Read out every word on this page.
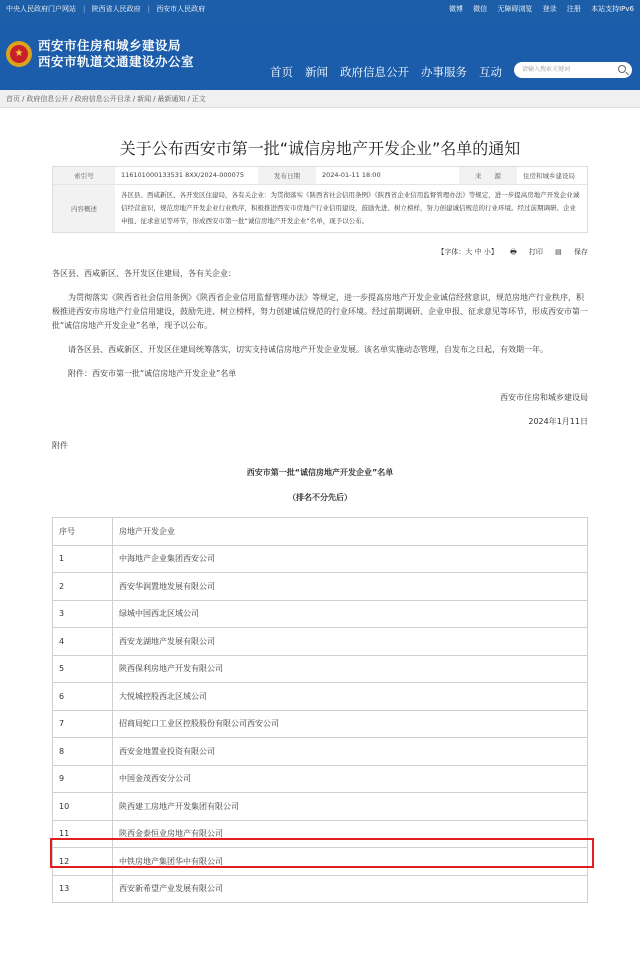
中央人民政府门户网站 | 陕西省人民政府 | 西安市人民政府	微博 微信 无障碍浏览 登录 注册 本站支持IPv6
★
西安市住房和城乡建设局
西安市轨道交通建设办公室
首页 新闻 政府信息公开 办事服务 互动	请输入搜索关键词
首页 / 政府信息公开 / 政府信息公开目录 / 新闻 / 最新通知 / 正文
关于公布西安市第一批“诚信房地产开发企业”名单的通知
索引号	116101000133531 8XX/2024-000075	发布日期	2024-01-11 18:00	来　　源	住房和城乡建设局
内容概述
各区县、西咸新区、各开发区住建局，各有关企业：为贯彻落实《陕西省社会信用条例》《陕西省企业信用监督管理办法》等规定，进一步提高房地产开发企业诚信经营意识，规范房地产开发企业行业秩序，积极推进西安市房地产行业信用建设，鼓励先进、树立榜样，努力创建诚信规范的行业环境。经过前期调研、企业申报、征求意见等环节，形成西安市第一批“诚信房地产开发企业”名单，现予以公布。
【字体：大 中 小】 🖶 打印 ▤ 保存

各区县、西咸新区、各开发区住建局，各有关企业：

为贯彻落实《陕西省社会信用条例》《陕西省企业信用监督管理办法》等规定，进一步提高房地产开发企业诚信经营意识，规范房地产行业秩序，积极推进西安市房地产行业信用建设，鼓励先进、树立榜样，努力创建诚信规范的行业环境。经过前期调研、企业申报、征求意见等环节，形成西安市第一批“诚信房地产开发企业”名单，现予以公布。

请各区县、西咸新区、开发区住建局统筹落实，切实支持诚信房地产开发企业发展。该名单实施动态管理，自发布之日起，有效期一年。

附件：西安市第一批“诚信房地产开发企业”名单

西安市住房和城乡建设局

2024年1月11日

附件

西安市第一批“诚信房地产开发企业”名单
（排名不分先后）
序号	房地产开发企业
1	中海地产企业集团西安公司
2	西安华润置地发展有限公司
3	绿城中国西北区域公司
4	西安龙湖地产发展有限公司
5	陕西保利房地产开发有限公司
6	大悦城控股西北区域公司
7	招商局蛇口工业区控股股份有限公司西安公司
8	西安金地置业投资有限公司
9	中国金茂西安分公司
10	陕西建工房地产开发集团有限公司
11	陕西金泰恒业房地产有限公司
12	中铁房地产集团华中有限公司
13	西安新希望产业发展有限公司
